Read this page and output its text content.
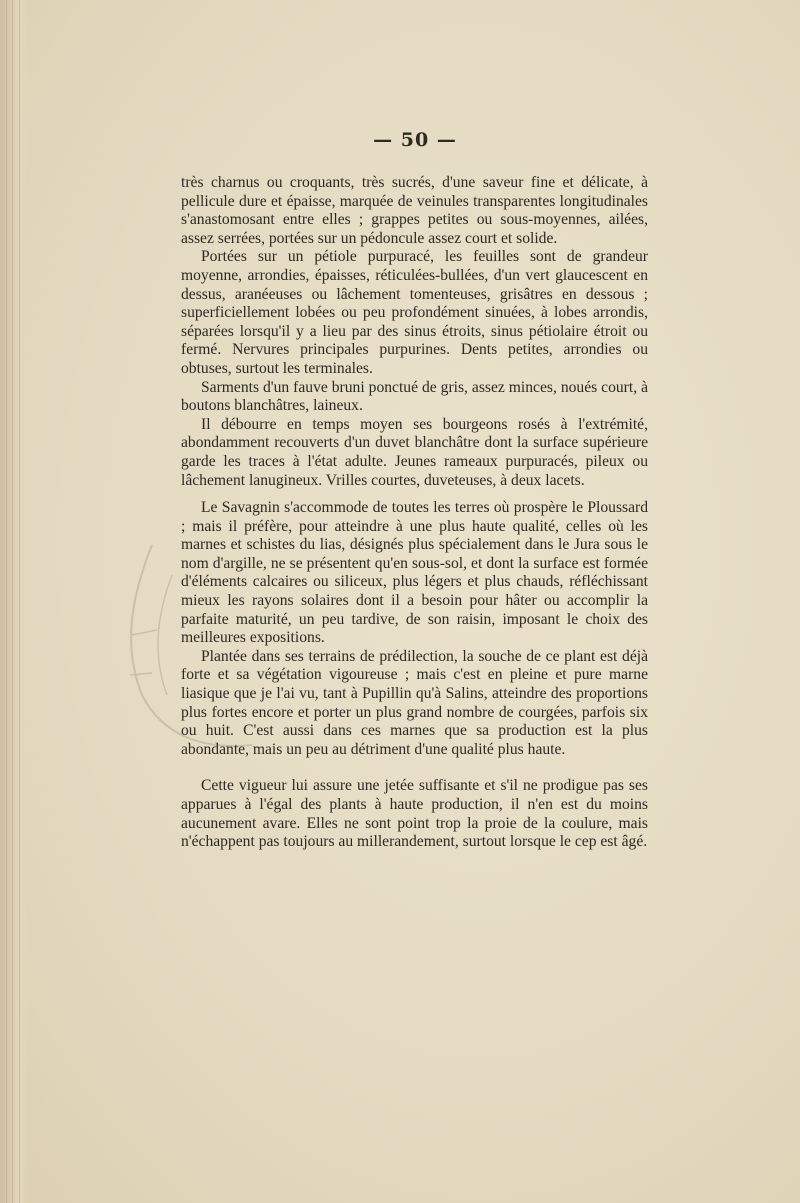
— 50 —

très charnus ou croquants, très sucrés, d'une saveur fine et délicate, à pellicule dure et épaisse, marquée de veinules transparentes longitudinales s'anastomosant entre elles ; grappes petites ou sous-moyennes, ailées, assez serrées, portées sur un pédoncule assez court et solide.

Portées sur un pétiole purpuracé, les feuilles sont de grandeur moyenne, arrondies, épaisses, réticulées-bullées, d'un vert glaucescent en dessus, aranéeuses ou lâchement tomenteuses, grisâtres en dessous ; superficiellement lobées ou peu profondément sinuées, à lobes arrondis, séparées lorsqu'il y a lieu par des sinus étroits, sinus pétiolaire étroit ou fermé. Nervures principales purpurines. Dents petites, arrondies ou obtuses, surtout les terminales.

Sarments d'un fauve bruni ponctué de gris, assez minces, noués court, à boutons blanchâtres, laineux.

Il débourre en temps moyen ses bourgeons rosés à l'extrémité, abondamment recouverts d'un duvet blanchâtre dont la surface supérieure garde les traces à l'état adulte. Jeunes rameaux purpuracés, pileux ou lâchement lanugineux. Vrilles courtes, duveteuses, à deux lacets.

Le Savagnin s'accommode de toutes les terres où prospère le Ploussard ; mais il préfère, pour atteindre à une plus haute qualité, celles où les marnes et schistes du lias, désignés plus spécialement dans le Jura sous le nom d'argille, ne se présentent qu'en sous-sol, et dont la surface est formée d'éléments calcaires ou siliceux, plus légers et plus chauds, réfléchissant mieux les rayons solaires dont il a besoin pour hâter ou accomplir la parfaite maturité, un peu tardive, de son raisin, imposant le choix des meilleures expositions.

Plantée dans ses terrains de prédilection, la souche de ce plant est déjà forte et sa végétation vigoureuse ; mais c'est en pleine et pure marne liasique que je l'ai vu, tant à Pupillin qu'à Salins, atteindre des proportions plus fortes encore et porter un plus grand nombre de courgées, parfois six ou huit. C'est aussi dans ces marnes que sa production est la plus abondante, mais un peu au détriment d'une qualité plus haute.

Cette vigueur lui assure une jetée suffisante et s'il ne prodigue pas ses apparues à l'égal des plants à haute production, il n'en est du moins aucunement avare. Elles ne sont point trop la proie de la coulure, mais n'échappent pas toujours au millerandement, surtout lorsque le cep est âgé.
